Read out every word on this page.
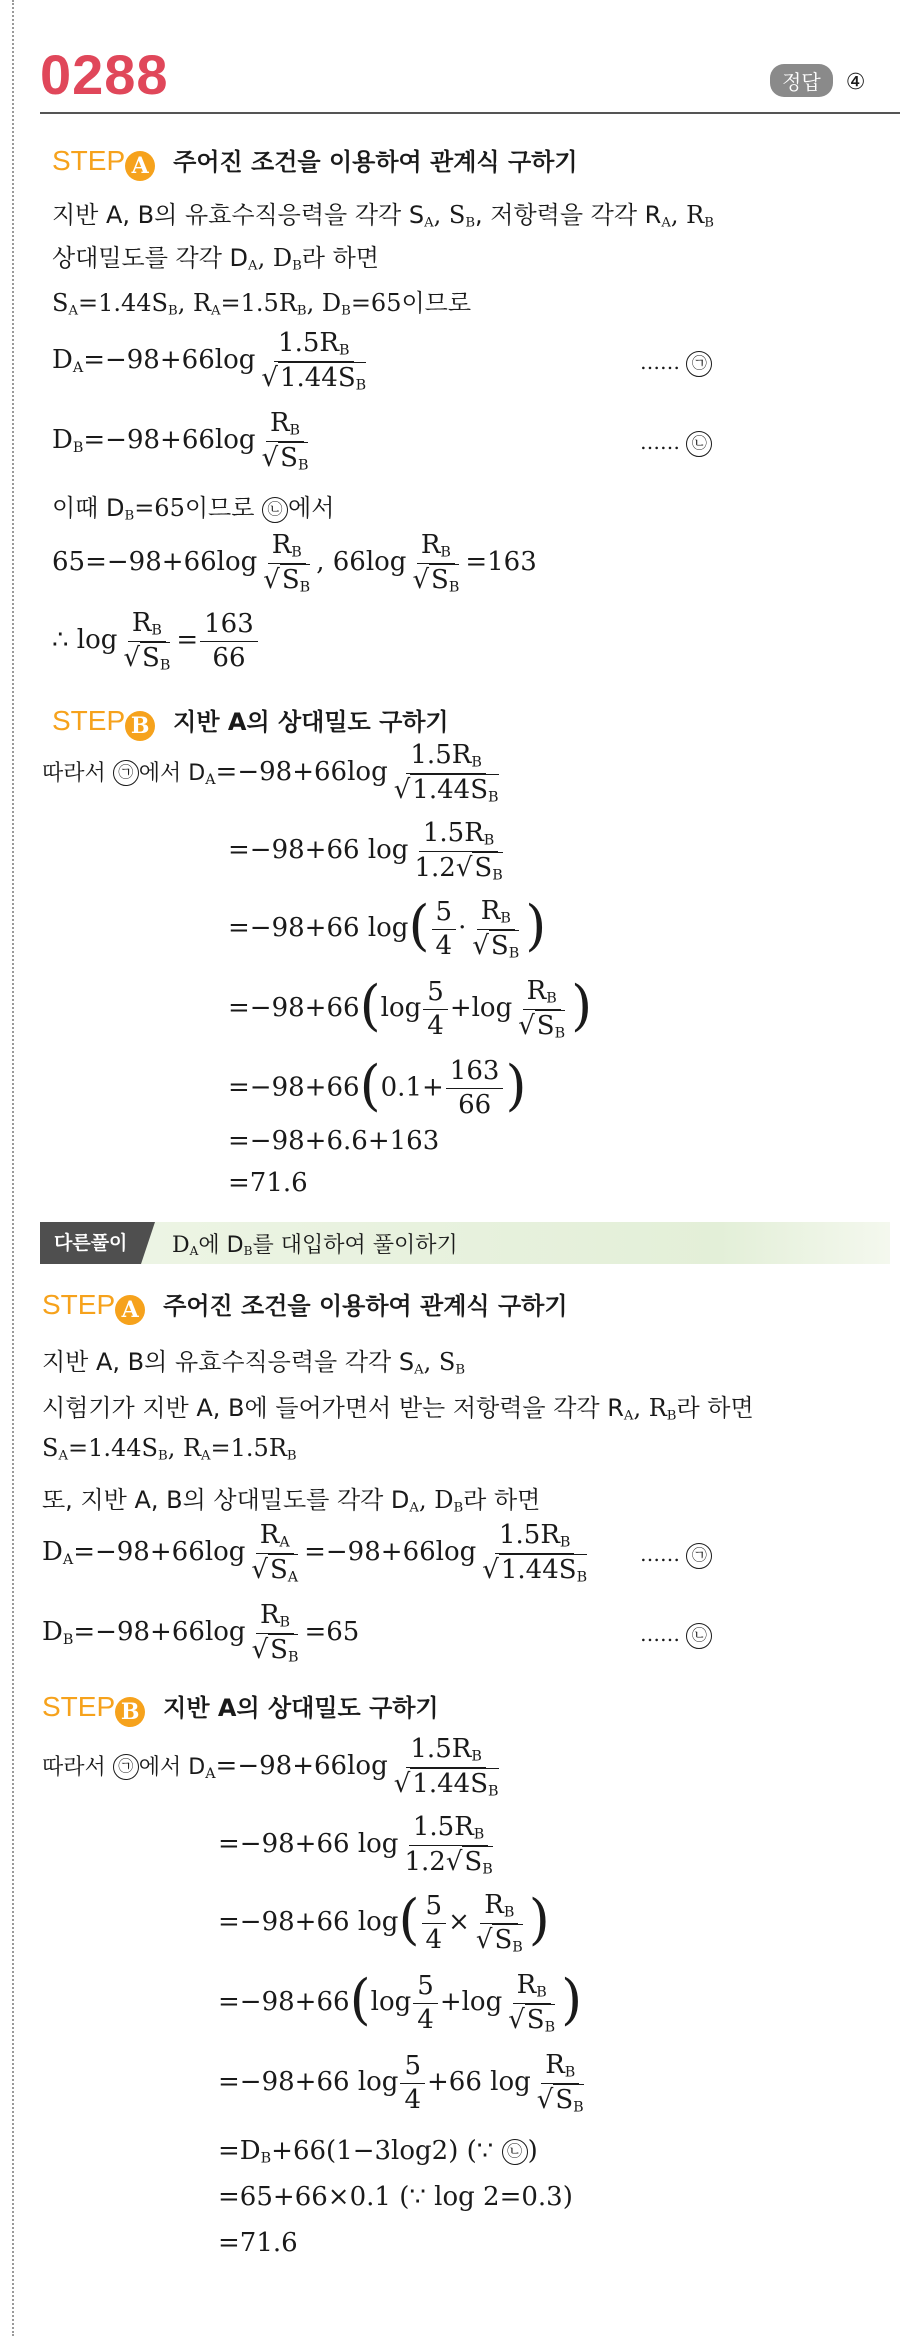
0288	정답 ④
STEP A 주어진 조건을 이용하여 관계식 구하기
지반 A, B의 유효수직응력을 각각 $S_A$, $S_B$, 저항력을 각각 $R_A$, $R_B$
상대밀도를 각각 $D_A$, $D_B$라 하면
$S_A=1.44S_B$, $R_A=1.5R_B$, $D_B=65$이므로
$D_A=-98+66\log \frac{1.5R_B}{√1.44S_B}$	…… ㉠
$D_B=-98+66\log \frac{R_B}{√S_B}$	…… ㉡
이때 $D_B=65$이므로 ㉡ 에서
$65=-98+66\log \frac{R_B}{√S_B}$ , $66\log \frac{R_B}{√S_B} =163$
∴ $\log \frac{R_B}{√S_B} = \frac{163}{66}$
STEP B 지반 A의 상대밀도 구하기
따라서 ㉠ 에서 $D_A=-98+66\log \frac{1.5R_B}{√1.44S_B}$
=−98+66 $\log \frac{1.5R_B}{1.2√S_B}$
=−98+66 $\log( \frac{5}{4} \cdot \frac{R_B}{√S_B}$ )
$=-98+66(\log \frac{5}{4} +\log \frac{R_B}{√S_B}$ )
$=-98+66(0.1+ \frac{163}{66}$ )
=−98+6.6+163
=71.6
다른풀이	$D_A$에 $D_B$를 대입하여 풀이하기
STEP A 주어진 조건을 이용하여 관계식 구하기
지반 A, B의 유효수직응력을 각각 $S_A$, $S_B$
시험기가 지반 A, B에 들어가면서 받는 저항력을 각각 $R_A$, $R_B$라 하면
$S_A=1.44S_B$, $R_A=1.5R_B$
또, 지반 A, B의 상대밀도를 각각 $D_A$, $D_B$라 하면
$D_A=-98+66\log \frac{R_A}{√S_A} =-98+66\log \frac{1.5R_B}{√1.44S_B}$ …… ㉠
$D_B=-98+66\log \frac{R_B}{√S_B} =65$	…… ㉡
STEP B 지반 A의 상대밀도 구하기
따라서 ㉠ 에서 $D_A=-98+66\log \frac{1.5R_B}{√1.44S_B}$
=−98+66 $\log \frac{1.5R_B}{1.2√S_B}$
=−98+66 $\log( \frac{5}{4} \times \frac{R_B}{√S_B}$ )
$=-98+66(\log \frac{5}{4} +\log \frac{R_B}{√S_B}$ )
=−98+66 $\log \frac{5}{4} +66$ $\log \frac{R_B}{√S_B}$
$=D_B+66(1-3\log 2)$ (∵ ㉡ )
=65+66×0.1 (∵ log 2=0.3)
=71.6
